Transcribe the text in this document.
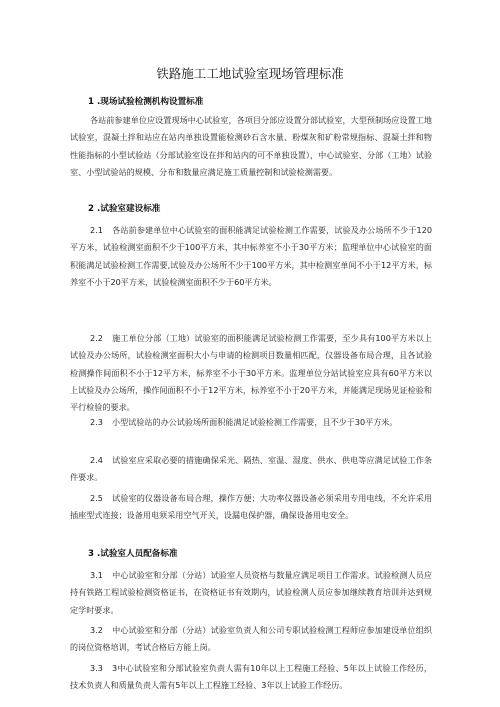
铁路施工工地试验室现场管理标准
1 .现场试验检测机构设置标准
各站前参建单位应设置现场中心试验室，各项目分部应设置分部试验室，大型预制场应设置工地试验室，混凝土拌和站应在站内单独设置能检测砂石含水量、粉煤灰和矿粉常规指标、混凝土拌和物性能指标的小型试验站（分部试验室设在拌和站内的可不单独设置），中心试验室、分部（工地）试验室、小型试验站的规模、分布和数量应满足施工质量控制和试验检测需要。
2 .试验室建设标准
2.1 各站前参建单位中心试验室的面积能满足试验检测工作需要，试验及办公场所不少于120平方米，试验检测室面积不少于100平方米，其中标养室不小于30平方米；监理单位中心试验室的面积能满足试验检测工作需要,试验及办公场所不少于100平方米，其中检测室单间不小于12平方米，标养室不小于20平方米，试验检测室面积不少于60平方米。
2.2 施工单位分部（工地）试验室的面积能满足试验检测工作需要，至少具有100平方米以上试验及办公场所，试验检测室面积大小与申请的检测项目数量相匹配，仪器设备布局合理，且各试验检测操作间面积不小于12平方米，标养室不小于30平方米。监理单位分站试验室应具有60平方米以上试验及办公场所，操作间面积不小于12平方米，标养室不小于20平方米，并能满足现场见证检验和平行检验的要求。
2.3 小型试验站的办公试验场所面积能满足试验检测工作需要，且不少于30平方米。
2.4 试验室应采取必要的措施确保采光、隔热、室温、湿度、供水、供电等应满足试验工作条件要求。
2.5 试验室的仪器设备布局合理，操作方便；大功率仪器设备必须采用专用电线，不允许采用插座型式连接；设备用电须采用空气开关，设漏电保护器，确保设备用电安全。
3 .试验室人员配备标准
3.1 中心试验室和分部（分站）试验室人员资格与数量应满足项目工作需求。试验检测人员应持有铁路工程试验检测资格证书，在资格证书有效期内，试验检测人员应参加继续教育培训并达到规定学时要求。
3.2 中心试验室和分部（分站）试验室负责人和公司专职试验检测工程师应参加建设单位组织的岗位资格培训，考试合格后方能上岗。
3.3 3中心试验室和分部试验室负责人需有10年以上工程施工经验、5年以上试验工作经历，技术负责人和质量负责人需有5年以上工程施工经验、3年以上试验工作经历。
